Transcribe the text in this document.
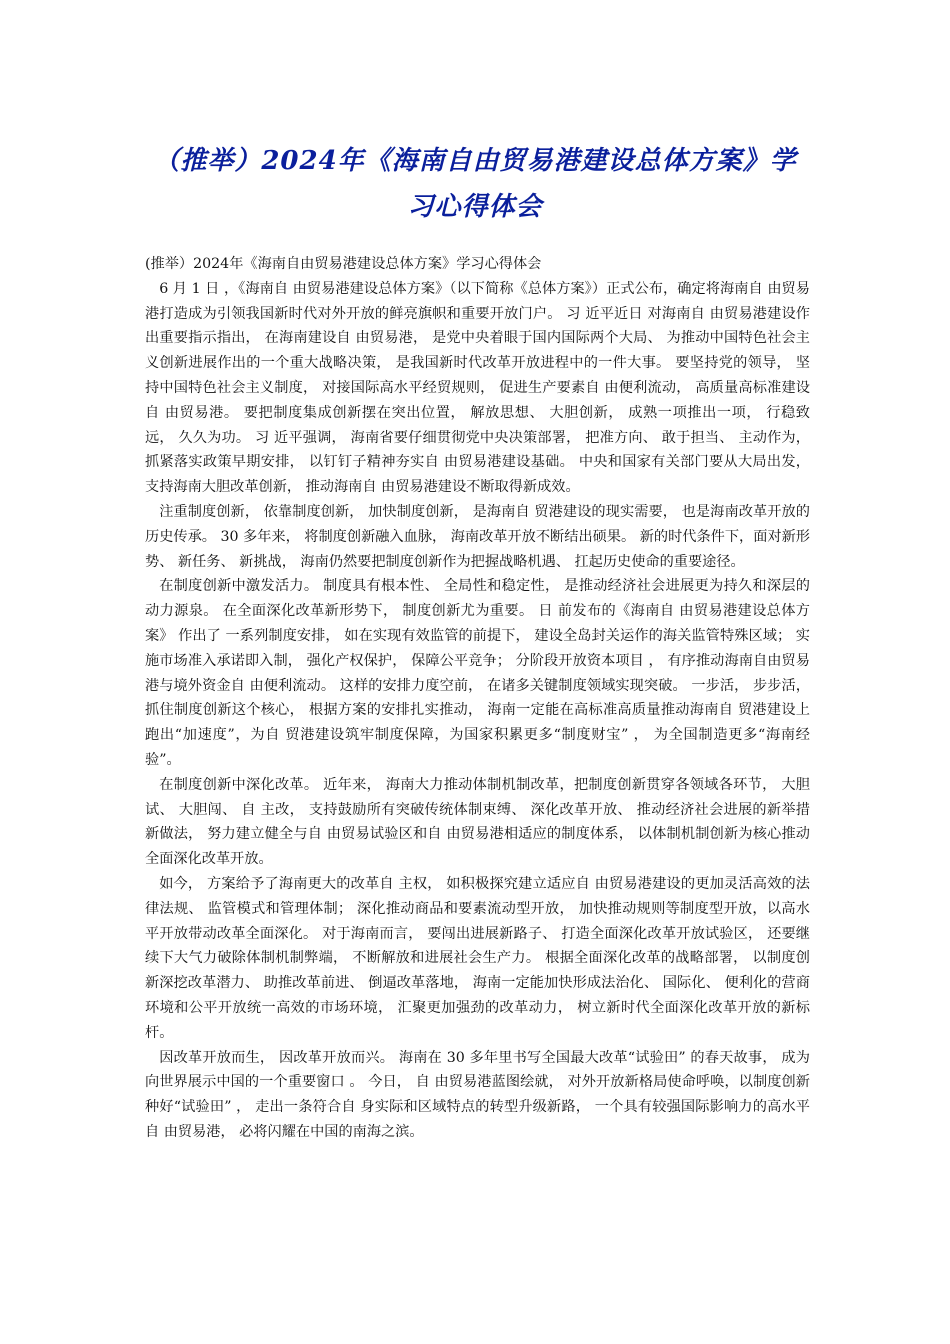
（推举）2024年《海南自由贸易港建设总体方案》学
习心得体会
(推举）2024年《海南自由贸易港建设总体方案》学习心得体会

6 月 1 日 ，《海南自 由贸易港建设总体方案》（以下简称《总体方案》）正式公布，确定将海南自 由贸易港打造成为引领我国新时代对外开放的鲜亮旗帜和重要开放门户。 习 近平近日 对海南自 由贸易港建设作出重要指示指出， 在海南建设自 由贸易港， 是党中央着眼于国内国际两个大局、 为推动中国特色社会主义创新进展作出的一个重大战略决策， 是我国新时代改革开放进程中的一件大事。 要坚持党的领导， 坚持中国特色社会主义制度， 对接国际高水平经贸规则， 促进生产要素自 由便利流动， 高质量高标准建设自 由贸易港。 要把制度集成创新摆在突出位置， 解放思想、 大胆创新， 成熟一项推出一项， 行稳致远， 久久为功。 习 近平强调， 海南省要仔细贯彻党中央决策部署， 把准方向、 敢于担当、 主动作为， 抓紧落实政策早期安排， 以钉钉子精神夯实自 由贸易港建设基础。 中央和国家有关部门要从大局出发， 支持海南大胆改革创新， 推动海南自 由贸易港建设不断取得新成效。

注重制度创新， 依靠制度创新， 加快制度创新， 是海南自 贸港建设的现实需要， 也是海南改革开放的历史传承。 30 多年来， 将制度创新融入血脉， 海南改革开放不断结出硕果。 新的时代条件下，面对新形势、 新任务、 新挑战， 海南仍然要把制度创新作为把握战略机遇、 扛起历史使命的重要途径。

在制度创新中激发活力。 制度具有根本性、 全局性和稳定性， 是推动经济社会进展更为持久和深层的动力源泉。 在全面深化改革新形势下， 制度创新尤为重要。 日 前发布的《海南自 由贸易港建设总体方案》 作出了 一系列制度安排， 如在实现有效监管的前提下， 建设全岛封关运作的海关监管特殊区域； 实施市场准入承诺即入制， 强化产权保护， 保障公平竞争； 分阶段开放资本项目 ， 有序推动海南自由贸易港与境外资金自 由便利流动。 这样的安排力度空前， 在诸多关键制度领域实现突破。 一步活， 步步活， 抓住制度创新这个核心， 根据方案的安排扎实推动， 海南一定能在高标准高质量推动海南自 贸港建设上跑出“加速度”，为自 贸港建设筑牢制度保障，为国家积累更多“制度财宝” ， 为全国制造更多“海南经验”。

在制度创新中深化改革。 近年来， 海南大力推动体制机制改革，把制度创新贯穿各领域各环节， 大胆试、 大胆闯、 自 主改， 支持鼓励所有突破传统体制束缚、 深化改革开放、 推动经济社会进展的新举措新做法， 努力建立健全与自 由贸易试验区和自 由贸易港相适应的制度体系， 以体制机制创新为核心推动全面深化改革开放。

如今， 方案给予了海南更大的改革自 主权， 如积极探究建立适应自 由贸易港建设的更加灵活高效的法律法规、 监管模式和管理体制； 深化推动商品和要素流动型开放， 加快推动规则等制度型开放，以高水平开放带动改革全面深化。 对于海南而言， 要闯出进展新路子、 打造全面深化改革开放试验区， 还要继续下大气力破除体制机制弊端， 不断解放和进展社会生产力。 根据全面深化改革的战略部署， 以制度创新深挖改革潜力、 助推改革前进、 倒逼改革落地， 海南一定能加快形成法治化、 国际化、 便利化的营商环境和公平开放统一高效的市场环境， 汇聚更加强劲的改革动力， 树立新时代全面深化改革开放的新标杆。

因改革开放而生， 因改革开放而兴。 海南在 30 多年里书写全国最大改革“试验田” 的春天故事， 成为向世界展示中国的一个重要窗口 。 今日， 自 由贸易港蓝图绘就， 对外开放新格局使命呼唤，以制度创新种好“试验田” ， 走出一条符合自 身实际和区域特点的转型升级新路， 一个具有较强国际影响力的高水平自 由贸易港， 必将闪耀在中国的南海之滨。
